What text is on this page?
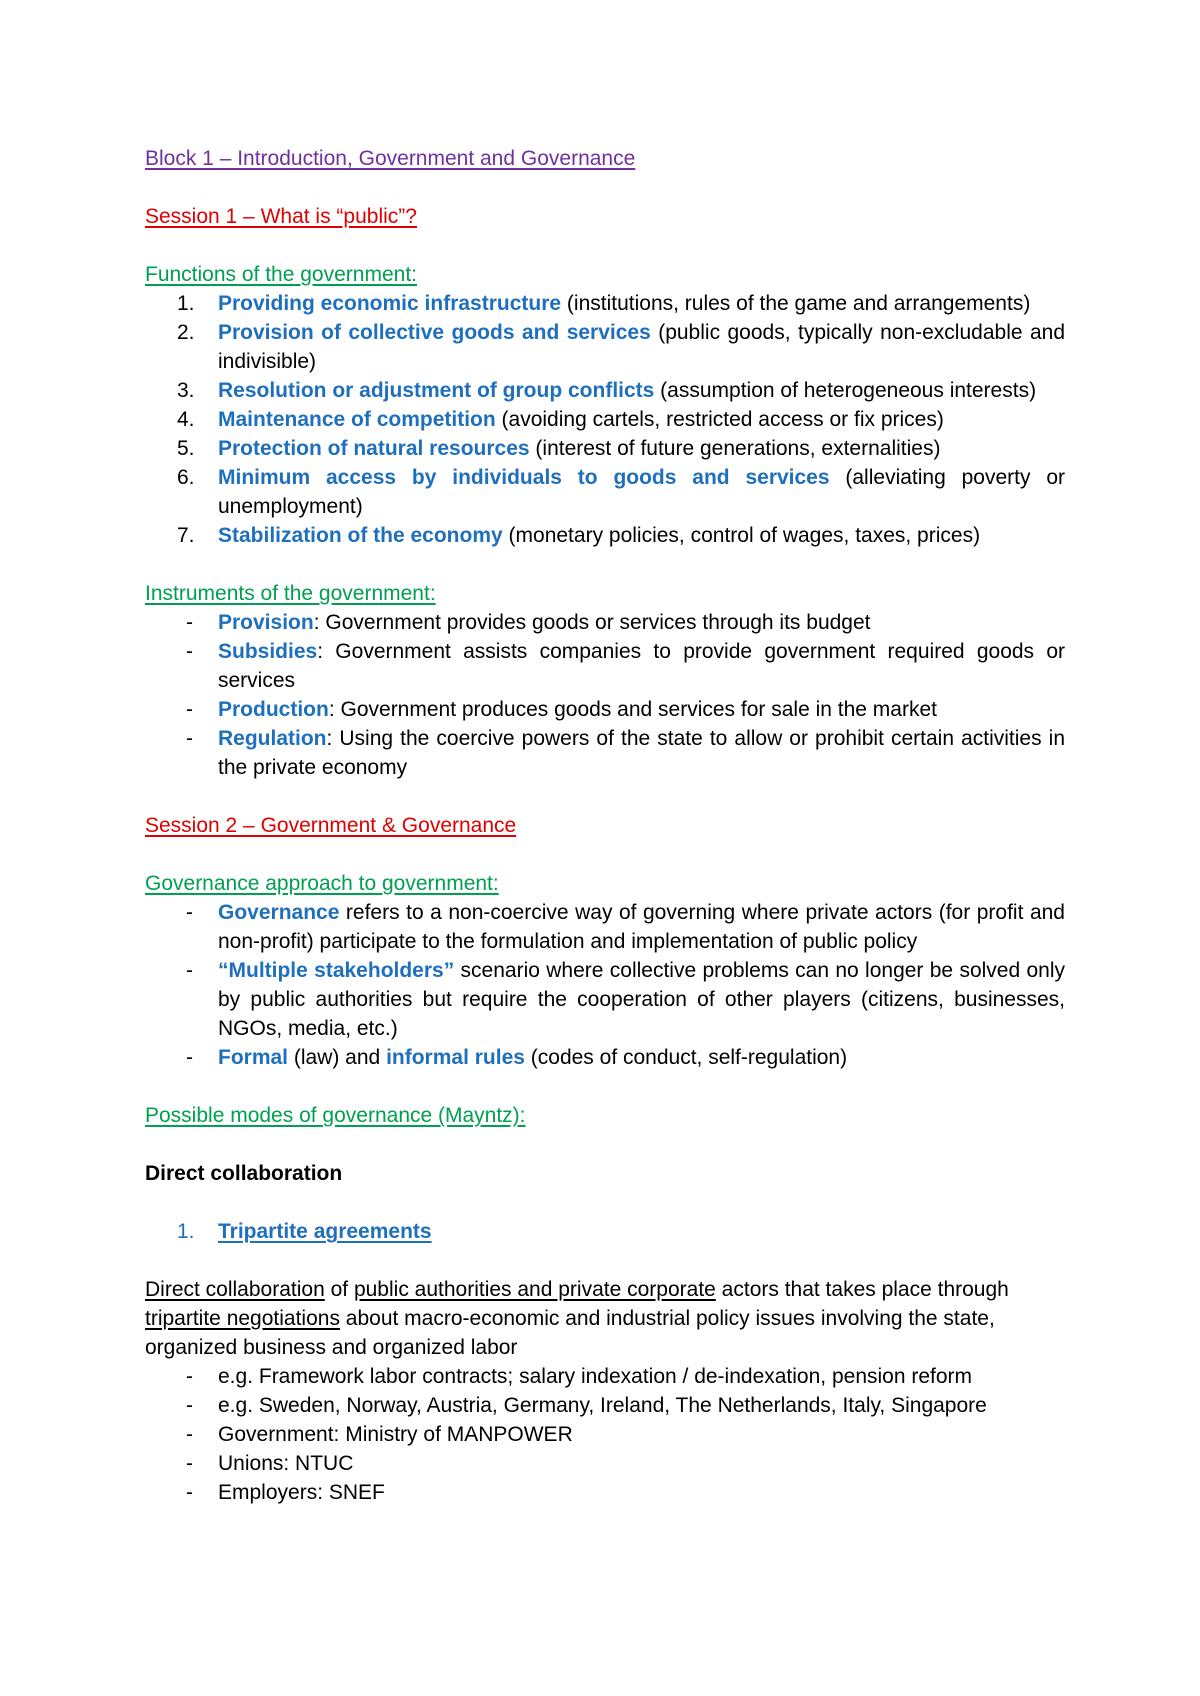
Block 1 – Introduction, Government and Governance
Session 1 – What is “public”?
Functions of the government:
1. Providing economic infrastructure (institutions, rules of the game and arrangements)
2. Provision of collective goods and services (public goods, typically non-excludable and indivisible)
3. Resolution or adjustment of group conflicts (assumption of heterogeneous interests)
4. Maintenance of competition (avoiding cartels, restricted access or fix prices)
5. Protection of natural resources (interest of future generations, externalities)
6. Minimum access by individuals to goods and services (alleviating poverty or unemployment)
7. Stabilization of the economy (monetary policies, control of wages, taxes, prices)
Instruments of the government:
- Provision: Government provides goods or services through its budget
- Subsidies: Government assists companies to provide government required goods or services
- Production: Government produces goods and services for sale in the market
- Regulation: Using the coercive powers of the state to allow or prohibit certain activities in the private economy
Session 2 – Government & Governance
Governance approach to government:
- Governance refers to a non-coercive way of governing where private actors (for profit and non-profit) participate to the formulation and implementation of public policy
- “Multiple stakeholders” scenario where collective problems can no longer be solved only by public authorities but require the cooperation of other players (citizens, businesses, NGOs, media, etc.)
- Formal (law) and informal rules (codes of conduct, self-regulation)
Possible modes of governance (Mayntz):
Direct collaboration
1. Tripartite agreements
Direct collaboration of public authorities and private corporate actors that takes place through tripartite negotiations about macro-economic and industrial policy issues involving the state, organized business and organized labor
- e.g. Framework labor contracts; salary indexation / de-indexation, pension reform
- e.g. Sweden, Norway, Austria, Germany, Ireland, The Netherlands, Italy, Singapore
- Government: Ministry of MANPOWER
- Unions: NTUC
- Employers: SNEF
